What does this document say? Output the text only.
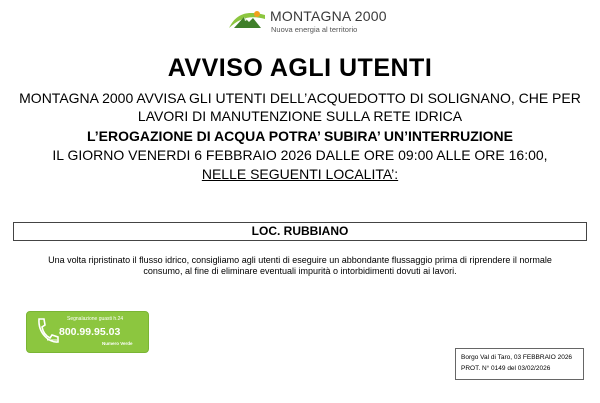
MONTAGNA 2000
Nuova energia al territorio
AVVISO AGLI UTENTI
MONTAGNA 2000 AVVISA GLI UTENTI DELL’ACQUEDOTTO DI SOLIGNANO, CHE PER
LAVORI DI MANUTENZIONE SULLA RETE IDRICA
L’EROGAZIONE DI ACQUA POTRA’ SUBIRA’ UN’INTERRUZIONE
IL GIORNO VENERDI 6 FEBBRAIO 2026 DALLE ORE 09:00 ALLE ORE 16:00,
NELLE SEGUENTI LOCALITA’:
LOC. RUBBIANO
Una volta ripristinato il flusso idrico, consigliamo agli utenti di eseguire un abbondante flussaggio prima di riprendere il normale
consumo, al fine di eliminare eventuali impurità o intorbidimenti dovuti ai lavori.
Segnalazione guasti h.24
800.99.95.03
Numero Verde
Borgo Val di Taro, 03 FEBBRAIO 2026
PROT. N° 0149 del 03/02/2026
